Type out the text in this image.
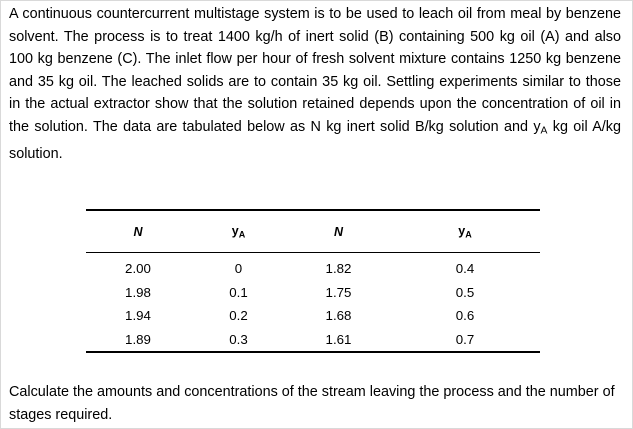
A continuous countercurrent multistage system is to be used to leach oil from meal by benzene solvent. The process is to treat 1400 kg/h of inert solid (B) containing 500 kg oil (A) and also 100 kg benzene (C). The inlet flow per hour of fresh solvent mixture contains 1250 kg benzene and 35 kg oil. The leached solids are to contain 35 kg oil. Settling experiments similar to those in the actual extractor show that the solution retained depends upon the concentration of oil in the solution. The data are tabulated below as N kg inert solid B/kg solution and $y_A$ kg oil A/kg solution.

N	$y_A$	N	$y_A$
2.00	0	1.82	0.4
1.98	0.1	1.75	0.5
1.94	0.2	1.68	0.6
1.89	0.3	1.61	0.7

Calculate the amounts and concentrations of the stream leaving the process and the number of stages required.
